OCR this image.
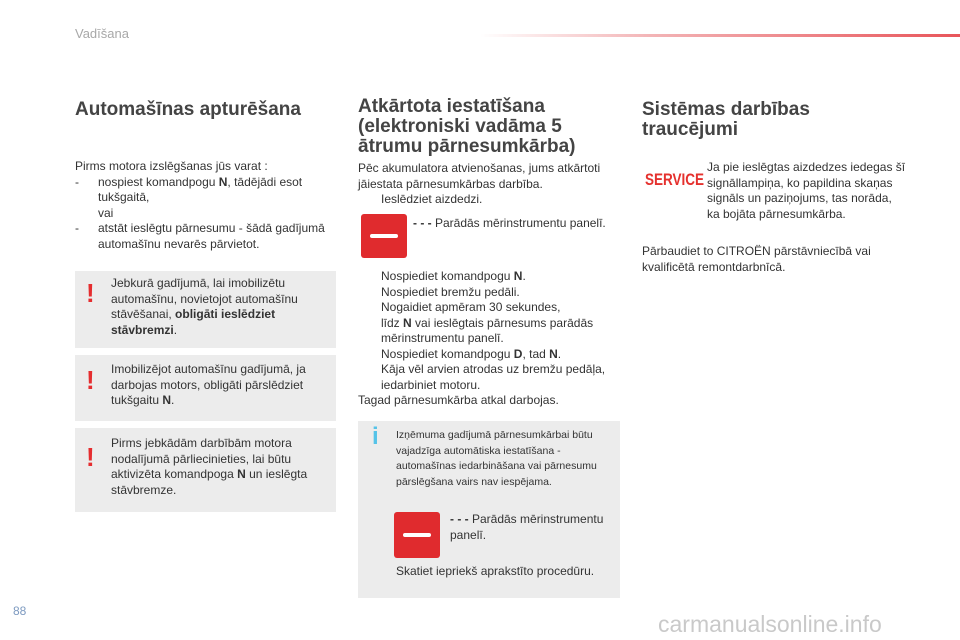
Vadīšana
Automašīnas apturēšana
Pirms motora izslēgšanas jūs varat :
-	nospiest komandpogu N, tādējādi esot tukšgaitā,
vai
-	atstāt ieslēgtu pārnesumu - šādā gadījumā automašīnu nevarēs pārvietot.
! Jebkurā gadījumā, lai imobilizētu automašīnu, novietojot automašīnu stāvēšanai, obligāti ieslēdziet stāvbremzi.
! Imobilizējot automašīnu gadījumā, ja darbojas motors, obligāti pārslēdziet tukšgaitu N.
! Pirms jebkādām darbībām motora nodalījumā pārliecinieties, lai būtu aktivizēta komandpoga N un ieslēgta stāvbremze.
Atkārtota iestatīšana (elektroniski vadāma 5 ātrumu pārnesumkārba)
Pēc akumulatora atvienošanas, jums atkārtoti jāiestata pārnesumkārbas darbība.
Ieslēdziet aizdedzi.
- - - Parādās mērinstrumentu panelī.
Nospiediet komandpogu N.
Nospiediet bremžu pedāli.
Nogaidiet apmēram 30 sekundes,
līdz N vai ieslēgtais pārnesums parādās mērinstrumentu panelī.
Nospiediet komandpogu D, tad N.
Kāja vēl arvien atrodas uz bremžu pedāļa, iedarbiniet motoru.
Tagad pārnesumkārba atkal darbojas.
i Izņēmuma gadījumā pārnesumkārbai būtu vajadzīga automātiska iestatīšana - automašīnas iedarbināšana vai pārnesumu pārslēgšana vairs nav iespējama.
- - - Parādās mērinstrumentu
panelī.
Skatiet iepriekš aprakstīto procedūru.
Sistēmas darbības traucējumi
SERVICE
Ja pie ieslēgtas aizdedzes iedegas šī signāllampiņa, ko papildina skaņas signāls un paziņojums, tas norāda, ka bojāta pārnesumkārba.
Pārbaudiet to CITROËN pārstāvniecībā vai kvalificētā remontdarbnīcā.
88	carmanualsonline.info
